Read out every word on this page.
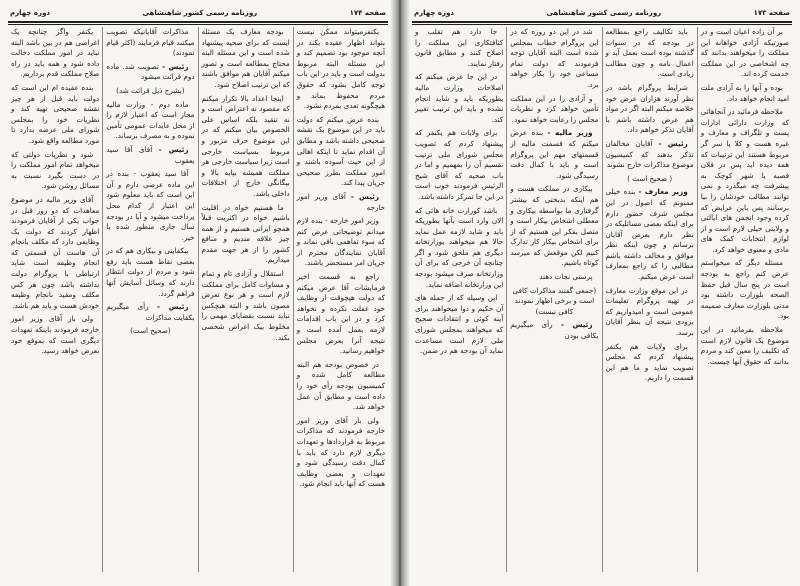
صفحه ۱۷۴
روزنامه رسمی کشور شاهنشاهی
دوره چهارم

یکنفرمیتواند ممکن نیست بتواند اظهار عقیده بکند در آنچه موجود بود تصمیم کند و این مسئله البته مربوط بدولت است و باید در این باب توجه کامل بشود که حقوق مردم محفوظ بماند و هیچگونه تعدی بمردم نشود.

بنده عرض میکنم که دولت باید در این موضوع یک نقشه صحیحی داشته باشد و مطابق آن اقدام نماید تا اینکه اهالی از این حیث آسوده باشند و امور مملکت بطرز صحیحی جریان پیدا کند.

رئیس - آقای وزیر امور خارجه

وزیر امور خارجه - بنده لازم میدانم توضیحاتی عرض کنم که سوء تفاهمی باقی نماند و آقایان نمایندگان محترم از جریان امر مستحضر باشند.

راجع به قسمت اخیر فرمایشات آقا عرض میکنم که دولت هیچوقت از وظایف خود غفلت نکرده و نخواهد کرد و در این باب اقدامات لازمه بعمل آمده است و نتیجه آنرا بعرض مجلس خواهیم رسانید.

در خصوص بودجه هم البته مطالعه کامل شده و کمیسیون بودجه رأی خود را داده است و مطابق آن عمل خواهد شد.

ولی باز آقای وزیر امور خارجه فرمودند که مذاکرات مربوط به قراردادها و تعهدات دیگری لازم دارد که باید با کمال دقت رسیدگی شود و تعهدات و بعضی وظایف هست که آنها باید انجام شود.

بودجه معارف یک مسئله ایست که برای صحیه پیشنهاد شده است و این مسئله البته محتاج بمطالعه است و تصور میکنم آقایان هم موافق باشند که این ترتیب اصلاح شود.

اینجا اعداد بالا تکرار میکنم که مقصود نه اعتراض است و نه تنقید بلکه اساس علی الخصوص بیان میکنم که در این موضوع حرف مزبور و مربوط بسیاست خارجی است زیرا سیاست خارجی هر مملکت همیشه بپایه بالا و بیگانگی خارج از اختلافات داخلی باشد.

ما هستیم خواه در اقلیت باشیم خواه در اکثریت قبلاً همچو ایرانی هستیم و از همه چیز علاقه مندیم و منافع کشور را از هر جهت مقدم میداریم.

استقلال و آزادی تام و تمام و مساوات کامل برای مملکت لازم است و هر نوع تعرض مصون باشد و البته هیچکس نباید نسبت بقضایای مهمی را مخلوط بیک اغراض شخصی بکند.

مذاکرات آقایانیکه تصویب میکنند قیام فرمایند (اکثر قیام نمودند)

رئیس - تصویب شد. ماده دوم قرائت میشود

(بشرح ذیل قرائت شد)

ماده دوم - وزارت مالیه مجاز است که اعتبار لازم را از محل عایدات عمومی تأمین نموده و به مصرف برساند.

رئیس - آقای آقا سید یعقوب

آقا سید یعقوب - بنده در این ماده عرضی دارم و آن این است که باید معلوم شود این اعتبار از کدام محل پرداخت میشود و آیا در بودجه سال جاری منظور شده یا خیر.

بیکفایتی و بیکاری هم که در بعضی نقاط هست باید رفع شود و مردم از دولت انتظار دارند که وسائل آسایش آنها فراهم گردد.

رئیس - رأی میگیریم بکفایت مذاکرات

(صحیح است)

یکنفر واگر چنانچه یک اغراضی هم در بین باشد البته نباید در امور مملکت دخالت داده شود و همه باید در راه صلاح مملکت قدم برداریم.

بنده عقیده ام این است که دولت باید قبل از هر چیز نقشه صحیحی تهیه کند و نظریات خود را بمجلس شورای ملی عرضه بدارد تا مورد مطالعه واقع شود.

شود و نظریات دولتی که میخواهد تمام امور مملکت را در دست بگیرد نسبت به مسائل روشن شود.

آقای وزیر مالیه در موضوع معاهدات که دو روز قبل در جواب یکی از آقایان فرمودند اظهار کردند که دولت یک وظایفی دارد که مکلف بانجام آن هاست آن قسمتی که انجام وظیفه است شاید ارتباطی با پروگرام دولت نداشته باشد چون هر کس مکلف ومقید بانجام وظیفه خودش هست و باید هم باشد.

ولی باز آقای وزیر امور خارجه فرمودند باینکه تعهدات دیگری است که بموقع خود بعرض خواهد رسید.

صفحه ۱۷۳
روزنامه رسمی کشور شاهنشاهی
دوره چهارم

بر آن زاده اعیان است و در صورتیکه آزادی خواهانه این مملکت را میخواهند بدانند که چه اشخاصی در این مملکت خدمت کرده اند.

بوده و آنها را به آزادی ملت امید انجام خواهد داد.

ملاحظه فرمائید در آنجاهائی که وزارت دارائی ادارات پست و تلگراف و معارف و غیره هست و کلا یا سر گر مربوط هستند این ترتیبات که همه دیده اید پس در فلان قصبه یا شهر کوچک به پیشرفت چه میگذرد و نمی توانند مطالب خودشان را بیا برسانند پس باین عرایض که کرده وجود انجمن های ایالتی و ولایتی خیلی لازم است و از لوازم انتخابات کمک های مادی و معنوی خواهد کرد.

مسئله دیگر که میخواستم عرض کنم راجع به بودجه است در پنج سال قبل حفظ الصحه بلوزارت داشته بود مدتی بلوزارت معارف ضمیمه بود.

ملاحظه بفرمائید در این موضوع یک قانون لازم است که تکلیف را معین کند و مردم بدانند که حقوق آنها چیست.

باید تکالیف راجع بمطالعه در بودجه که در سنوات گذشته بوده است بعمل آید و اعمال نامه و چون مطالب زیادی است.

شرایط پروگرام باشد در نظر آورند هزاران عرض خود خلاصه میکنم البته اگر در مواد هم عرض داشته باشم با آقایان تذکر خواهم داد.

رئیس - آقایان مخالفان تذکر بدهند که کمیسیون موضوع مذاکرات خارج نشوند

( صحیح است )

وزیر معارف - بنده خیلی ممنونم که اصول در این مجلس شرف حضور دارم برای اینکه بعضی مسائلیکه در نظر دارم بعرض آقایان برسانم و چون اینکه نظر موافق و مخالف داشته باشم مطالبی را که راجع بمعارف است عرض میکنم.

در این موقع وزارت معارف در تهیه پروگرام تعلیمات عمومی است و امیدواریم که بزودی نتیجه آن بنظر آقایان برسد.

برای ولایات هم یکنفر پیشنهاد کردم که مجلس تصویب نماید و ما هم این قسمت را داریم.

شد در این دو روزه که در این پروگرام خطاب بمجلس شده است البته آقایان توجه فرمودند که دولت تمام مساعی خود را بکار خواهد برد.

و آزادی را در این مملکت تأمین خواهد کرد و نظریات مجلس را رعایت خواهد نمود.

وزیر مالیه - بنده عرض میکنم که قسمت مالیه از قسمتهای مهم این پروگرام است و باید با کمال دقت رسیدگی شود.

بیکاری در مملکت هست و هم اینکه بدبختی که بیشتر گرفتاری ما بواسطه بیکاری و معطلی اشخاص بیکار است و متصل بفکر این هستیم که از برای اشخاص بیکار کار تدارک کنیم لکن موقعش که میرسد کوتاه باشیم.

پرستی نجات دهند

(جمعی گفتند مذاکرات کافی است و برخی اظهار نمودند کافی نیست)

رئیس - رأی میگیریم بکافی بودن

جا دارد هم تقلب و کثافتکاری این مملکت را اصلاح کنند و مطابق قانون رفتار نمایند.

در این جا عرض میکنم که اصلاحات وزارت مالیه بطوریکه باید و شاید انجام نشده و باید این ترتیب تغییر کند.

برای ولایات هم یکنفر که پیشنهاد کردم که تصویب مجلس شورای ملی ترتیب تقسیم آن را بفهمیم و اما در باب صحیه که آقای شیخ الرئیس فرمودند خوب است در این جا تمرکز داشته باشد.

باشد کورارت خانه هائی که الان وارد است بآنها بطوریکه باید و شاید لازمه عمل نماید حالا هم میخواهند بوزارتخانه دیگری هم ملحق شود و اگر چنانچه آن خرجی که برای آن وزارتخانه صرف میشود بودجه این وزارتخانه اضافه نماید.

این وسیله که از جمله های آن حکیم و دوا میخواهند برای آینه کوئی و انتقادات صحیح که میخواهند بمجلس شورای ملی لازم است مساعدت نماید آن بودجه هم در ضمن.
